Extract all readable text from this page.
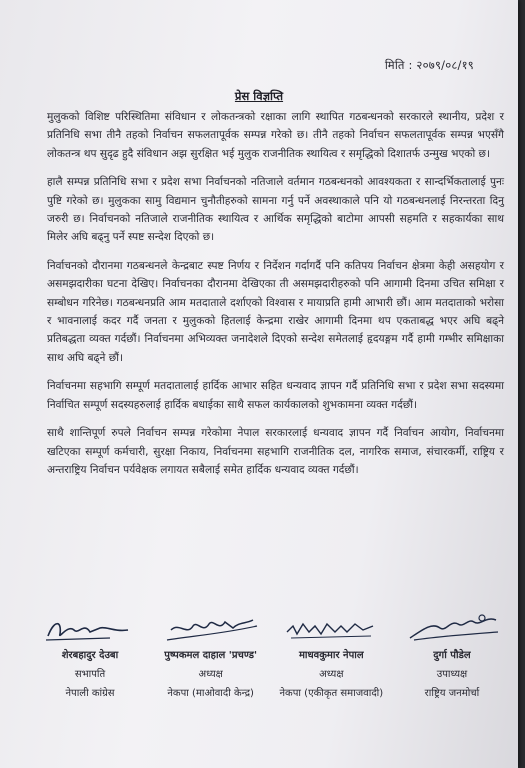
मिति : २०७९/०८/१९
प्रेस विज्ञप्ति

मुलुकको विशिष्ट परिस्थितिमा संविधान र लोकतन्त्रको रक्षाका लागि स्थापित गठबन्धनको सरकारले स्थानीय, प्रदेश र प्रतिनिधि सभा तीनै तहको निर्वाचन सफलतापूर्वक सम्पन्न गरेको छ। तीनै तहको निर्वाचन सफलतापूर्वक सम्पन्न भएसँगै लोकतन्त्र थप सुदृढ हुदै संविधान अझ सुरक्षित भई मुलुक राजनीतिक स्थायित्व र समृद्धिको दिशातर्फ उन्मुख भएको छ।

हालै सम्पन्न प्रतिनिधि सभा र प्रदेश सभा निर्वाचनको नतिजाले वर्तमान गठबन्धनको आवश्यकता र सान्दर्भिकतालाई पुनः पुष्टि गरेको छ। मुलुकका सामु विद्यमान चुनौतीहरुको सामना गर्नु पर्ने अवस्थाकाले पनि यो गठबन्धनलाई निरन्तरता दिनु जरुरी छ। निर्वाचनको नतिजाले राजनीतिक स्थायित्व र आर्थिक समृद्धिको बाटोमा आपसी सहमति र सहकार्यका साथ मिलेर अघि बढ्नु पर्ने स्पष्ट सन्देश दिएको छ।

निर्वाचनको दौरानमा गठबन्धनले केन्द्रबाट स्पष्ट निर्णय र निर्देशन गर्दागर्दै पनि कतिपय निर्वाचन क्षेत्रमा केही असहयोग र असमझदारीका घटना देखिए। निर्वाचनका दौरानमा देखिएका ती असमझदारीहरुको पनि आगामी दिनमा उचित समिक्षा र सम्बोधन गरिनेछ। गठबन्धनप्रति आम मतदाताले दर्शाएको विश्वास र मायाप्रति हामी आभारी छौं। आम मतदाताको भरोसा र भावनालाई कदर गर्दै जनता र मुलुकको हितलाई केन्द्रमा राखेर आगामी दिनमा थप एकताबद्ध भएर अघि बढ्ने प्रतिबद्धता व्यक्त गर्दछौं। निर्वाचनमा अभिव्यक्त जनादेशले दिएको सन्देश समेतलाई हृदयङ्गम गर्दै हामी गम्भीर समिक्षाका साथ अघि बढ्ने छौं।

निर्वाचनमा सहभागि सम्पूर्ण मतदातालाई हार्दिक आभार सहित धन्यवाद ज्ञापन गर्दै प्रतिनिधि सभा र प्रदेश सभा सदस्यमा निर्वाचित सम्पूर्ण सदस्यहरुलाई हार्दिक बधाईका साथै सफल कार्यकालको शुभकामना व्यक्त गर्दछौं।

साथै शान्तिपूर्ण रुपले निर्वाचन सम्पन्न गरेकोमा नेपाल सरकारलाई धन्यवाद ज्ञापन गर्दै निर्वाचन आयोग, निर्वाचनमा खटिएका सम्पूर्ण कर्मचारी, सुरक्षा निकाय, निर्वाचनमा सहभागि राजनीतिक दल, नागरिक समाज, संचारकर्मी, राष्ट्रिय र अन्तराष्ट्रिय निर्वाचन पर्यवेक्षक लगायत सबैलाई समेत हार्दिक धन्यवाद व्यक्त गर्दछौं।

शेरबहादुर देउबा
सभापति
नेपाली कांग्रेस
पुष्पकमल दाहाल 'प्रचण्ड'
अध्यक्ष
नेकपा (माओवादी केन्द्र)
माधवकुमार नेपाल
अध्यक्ष
नेकपा (एकीकृत समाजवादी)
दुर्गा पौडेल
उपाध्यक्ष
राष्ट्रिय जनमोर्चा
